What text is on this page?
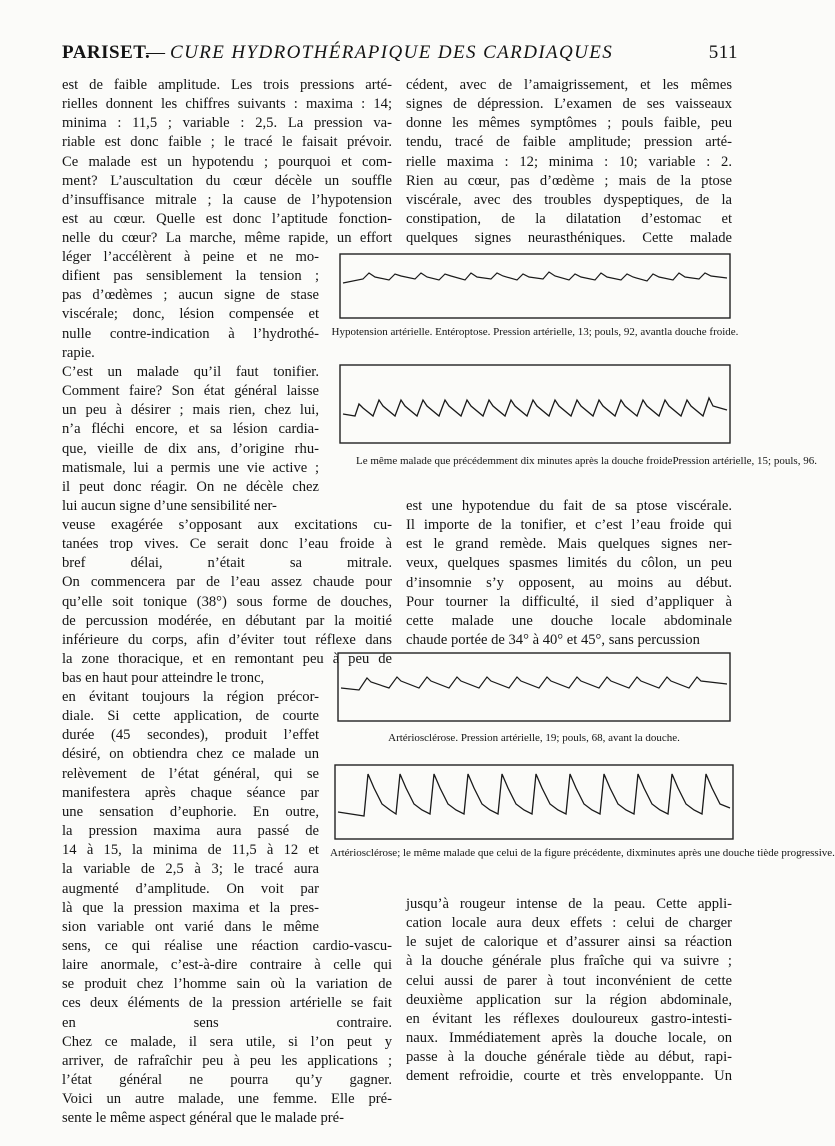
PARISET.
— CURE HYDROTHÉRAPIQUE DES CARDIAQUES	511
est de faible amplitude. Les trois pressions arté-
rielles donnent les chiffres suivants : maxima : 14;
minima : 11,5 ; variable : 2,5. La pression va-
riable est donc faible ; le tracé le faisait prévoir.
Ce malade est un hypotendu ; pourquoi et com-
ment? L’auscultation du cœur décèle un souffle
d’insuffisance mitrale ; la cause de l’hypotension
est au cœur. Quelle est donc l’aptitude fonction-
nelle du cœur? La marche, même rapide, un effort
léger l’accélèrent à peine et ne mo-
difient pas sensiblement la tension ;
pas d’œdèmes ; aucun signe de stase
viscérale; donc, lésion compensée et
nulle contre-indication à l’hydrothé-
rapie.
C’est un malade qu’il faut tonifier.
Comment faire? Son état général laisse
un peu à désirer ; mais rien, chez lui,
n’a fléchi encore, et sa lésion cardia-
que, vieille de dix ans, d’origine rhu-
matismale, lui a permis une vie active ;
il peut donc réagir. On ne décèle chez
lui aucun signe d’une sensibilité ner-
veuse exagérée s’opposant aux excitations cu-
tanées trop vives. Ce serait donc l’eau froide à
bref délai, n’était sa mitrale.
On commencera par de l’eau assez chaude pour
qu’elle soit tonique (38°) sous forme de douches,
de percussion modérée, en débutant par la moitié
inférieure du corps, afin d’éviter tout réflexe dans
la zone thoracique, et en remontant peu à peu de
bas en haut pour atteindre le tronc,
en évitant toujours la région précor-
diale. Si cette application, de courte
durée (45 secondes), produit l’effet
désiré, on obtiendra chez ce malade un
relèvement de l’état général, qui se
manifestera après chaque séance par
une sensation d’euphorie. En outre,
la pression maxima aura passé de
14 à 15, la minima de 11,5 à 12 et
la variable de 2,5 à 3; le tracé aura
augmenté d’amplitude. On voit par
là que la pression maxima et la pres-
sion variable ont varié dans le même
sens, ce qui réalise une réaction cardio-vascu-
laire anormale, c’est-à-dire contraire à celle qui
se produit chez l’homme sain où la variation de
ces deux éléments de la pression artérielle se fait
en sens contraire.
Chez ce malade, il sera utile, si l’on peut y
arriver, de rafraîchir peu à peu les applications ;
l’état général ne pourra qu’y gagner.
Voici un autre malade, une femme. Elle pré-
sente le même aspect général que le malade pré-
cédent, avec de l’amaigrissement, et les mêmes
signes de dépression. L’examen de ses vaisseaux
donne les mêmes symptômes ; pouls faible, peu
tendu, tracé de faible amplitude; pression arté-
rielle maxima : 12; minima : 10; variable : 2.
Rien au cœur, pas d’œdème ; mais de la ptose
viscérale, avec des troubles dyspeptiques, de la
constipation, de la dilatation d’estomac et
quelques signes neurasthéniques. Cette malade
est une hypotendue du fait de sa ptose viscérale.
Il importe de la tonifier, et c’est l’eau froide qui
est le grand remède. Mais quelques signes ner-
veux, quelques spasmes limités du côlon, un peu
d’insomnie s’y opposent, au moins au début.
Pour tourner la difficulté, il sied d’appliquer à
cette malade une douche locale abdominale
chaude portée de 34° à 40° et 45°, sans percussion
jusqu’à rougeur intense de la peau. Cette appli-
cation locale aura deux effets : celui de charger
le sujet de calorique et d’assurer ainsi sa réaction
à la douche générale plus fraîche qui va suivre ;
celui aussi de parer à tout inconvénient de cette
deuxième application sur la région abdominale,
en évitant les réflexes douloureux gastro-intesti-
naux. Immédiatement après la douche locale, on
passe à la douche générale tiède au début, rapi-
dement refroidie, courte et très enveloppante. Un
Hypotension artérielle. Entéroptose. Pression artérielle, 13; pouls, 92, avantla douche froide.
Le même malade que précédemment dix minutes après la douche froidePression artérielle, 15; pouls, 96.
Artériosclérose. Pression artérielle, 19; pouls, 68, avant la douche.
Artériosclérose; le même malade que celui de la figure précédente, dixminutes après une douche tiède progressive.
